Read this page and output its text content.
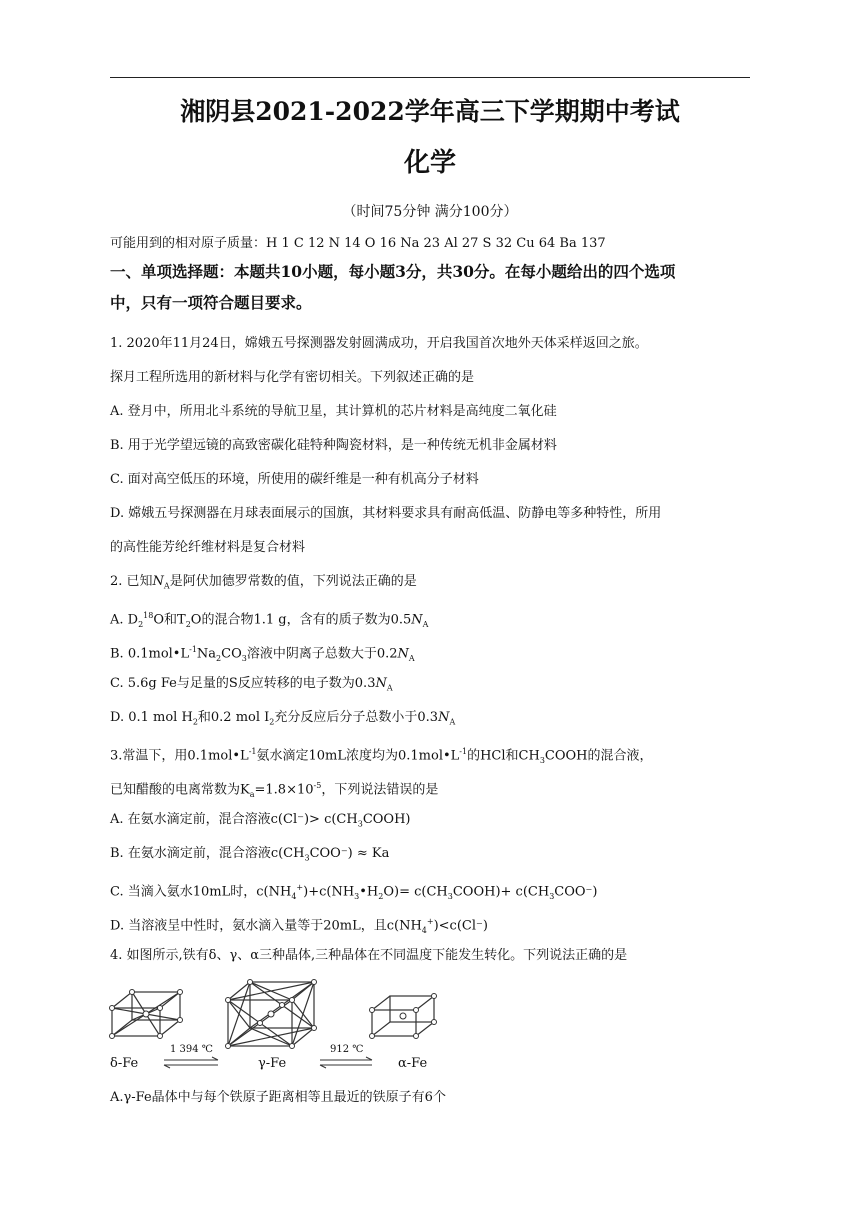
湘阴县2021-2022学年高三下学期期中考试
化学
（时间75分钟 满分100分）
可能用到的相对原子质量：H 1 C 12 N 14 O 16 Na 23 Al 27 S 32 Cu 64 Ba 137
一、单项选择题：本题共10小题，每小题3分，共30分。在每小题给出的四个选项
中，只有一项符合题目要求。
1. 2020年11月24日，嫦娥五号探测器发射圆满成功，开启我国首次地外天体采样返回之旅。
探月工程所选用的新材料与化学有密切相关。下列叙述正确的是
A. 登月中，所用北斗系统的导航卫星，其计算机的芯片材料是高纯度二氧化硅
B. 用于光学望远镜的高致密碳化硅特种陶瓷材料，是一种传统无机非金属材料
C. 面对高空低压的环境，所使用的碳纤维是一种有机高分子材料
D. 嫦娥五号探测器在月球表面展示的国旗，其材料要求具有耐高低温、防静电等多种特性，所用
的高性能芳纶纤维材料是复合材料
2. 已知$N_A$是阿伏加德罗常数的值，下列说法正确的是
A. $D_2^{18}O$和$T_2O$的混合物1.1 g，含有的质子数为$0.5N_A$
B. $0.1mol•L^{-1}Na_2CO_3$溶液中阴离子总数大于$0.2N_A$
C. 5.6g Fe与足量的S反应转移的电子数为$0.3N_A$
D. 0.1 mol $H_2$和0.2 mol $I_2$充分反应后分子总数小于$0.3N_A$
3.常温下，用$0.1mol•L^{-1}$氨水滴定10mL浓度均为$0.1mol•L^{-1}$的HCl和$CH_3COOH$的混合液，
已知醋酸的电离常数为$K_a=1.8\times 10^{-5}$，下列说法错误的是
A. 在氨水滴定前，混合溶液$c(Cl^-)> c(CH_3COOH)$
B. 在氨水滴定前，混合溶液$c(CH_3COO^-) \approx Ka$
C. 当滴入氨水10mL时，$c(NH_4^+)+c(NH_3•H_2O)=$ $c(CH_3COOH)+ c(CH_3COO^-)$
D. 当溶液呈中性时，氨水滴入量等于20mL，且$c(NH_4^+)<c(Cl^-)$
4. 如图所示,铁有δ、γ、α三种晶体,三种晶体在不同温度下能发生转化。下列说法正确的是
1 394 ℃	912 ℃
δ-Fe	γ-Fe	α-Fe
A.γ-Fe晶体中与每个铁原子距离相等且最近的铁原子有6个
